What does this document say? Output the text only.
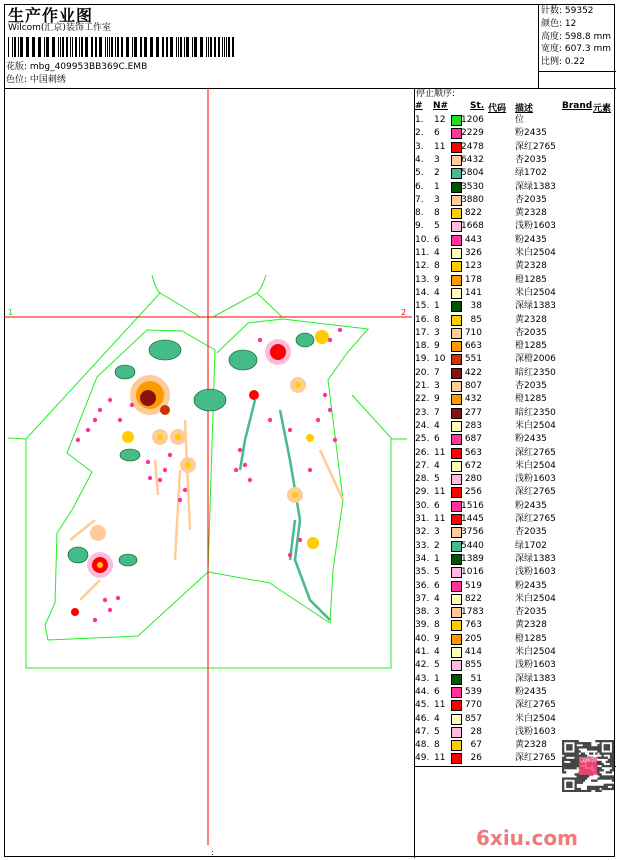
生产作业图
Wilcom(汇京)装饰工作室
花版: mbg_409953BB369C.EMB
色位: 中国刺绣
针数: 59352
颜色: 12
高度: 598.8 mm
宽度: 607.3 mm
比例: 0.22
1	2
:
停止顺序:
# N# St. 代码 描述	Brand 元素
1. 12 1206	位
2. 6 2229	粉2435
3. 11 2478	深红2765
4. 3 6432	杏2035
5. 2 5804	绿1702
6. 1 3530	深绿1383
7. 3 3880	杏2035
8. 8	822	黄2328
9. 5 1668	浅粉1603
10. 6	443	粉2435
11. 4	326	米白2504
12. 8	123	黄2328
13. 9	178	橙1285
14. 4	141	米白2504
15. 1	38	深绿1383
16. 8	85	黄2328
17. 3	710	杏2035
18. 9	663	橙1285
19. 10	551	深橙2006
20. 7	422	暗红2350
21. 3	807	杏2035
22. 9	432	橙1285
23. 7	277	暗红2350
24. 4	283	米白2504
25. 6	687	粉2435
26. 11	563	深红2765
27. 4	672	米白2504
28. 5	280	浅粉1603
29. 11	256	深红2765
30. 6 1516	粉2435
31. 11 1445	深红2765
32. 3 3756	杏2035
33. 2 5440	绿1702
34. 1 1389	深绿1383
35. 5 1016	浅粉1603
36. 6	519	粉2435
37. 4	822	米白2504
38. 3 1783	杏2035
39. 8	763	黄2328
40. 9	205	橙1285
41. 4	414	米白2504
42. 5	855	浅粉1603
43. 1	51	深绿1383
44. 6	539	粉2435
45. 11	770	深红2765
46. 4	857	米白2504
47. 5	28	浅粉1603
48. 8	67	黄2328
49. 11	26	深红2765	以图版
6xiu.com
